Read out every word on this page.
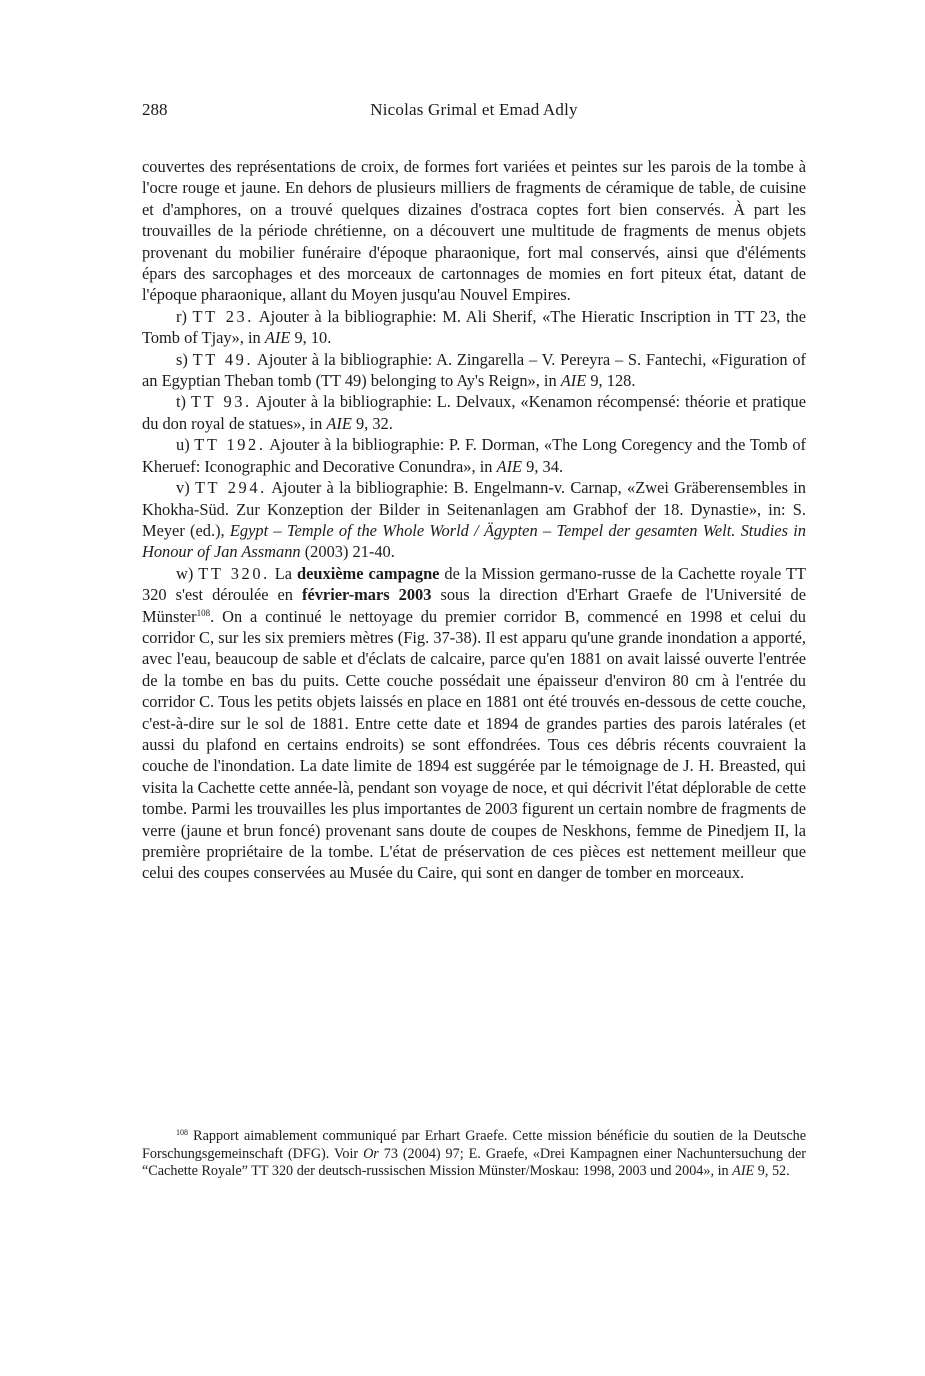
288	Nicolas Grimal et Emad Adly

couvertes des représentations de croix, de formes fort variées et peintes sur les parois de la tombe à l'ocre rouge et jaune. En dehors de plusieurs milliers de fragments de céramique de table, de cuisine et d'amphores, on a trouvé quelques dizaines d'ostraca coptes fort bien conservés. À part les trouvailles de la période chrétienne, on a découvert une multitude de fragments de menus objets provenant du mobilier funéraire d'époque pharaonique, fort mal conservés, ainsi que d'éléments épars des sarcophages et des morceaux de cartonnages de momies en fort piteux état, datant de l'époque pharaonique, allant du Moyen jusqu'au Nouvel Empires.

r) TT 23. Ajouter à la bibliographie: M. Ali Sherif, «The Hieratic Inscription in TT 23, the Tomb of Tjay», in AIE 9, 10.

s) TT 49. Ajouter à la bibliographie: A. Zingarella – V. Pereyra – S. Fantechi, «Figuration of an Egyptian Theban tomb (TT 49) belonging to Ay's Reign», in AIE 9, 128.

t) TT 93. Ajouter à la bibliographie: L. Delvaux, «Kenamon récompensé: théorie et pratique du don royal de statues», in AIE 9, 32.

u) TT 192. Ajouter à la bibliographie: P. F. Dorman, «The Long Coregency and the Tomb of Kheruef: Iconographic and Decorative Conundra», in AIE 9, 34.

v) TT 294. Ajouter à la bibliographie: B. Engelmann-v. Carnap, «Zwei Gräberensembles in Khokha-Süd. Zur Konzeption der Bilder in Seitenanlagen am Grabhof der 18. Dynastie», in: S. Meyer (ed.), Egypt – Temple of the Whole World / Ägypten – Tempel der gesamten Welt. Studies in Honour of Jan Assmann (2003) 21-40.

w) TT 320. La deuxième campagne de la Mission germano-russe de la Cachette royale TT 320 s'est déroulée en février-mars 2003 sous la direction d'Erhart Graefe de l'Université de Münster$^{108}$. On a continué le nettoyage du premier corridor B, commencé en 1998 et celui du corridor C, sur les six premiers mètres (Fig. 37-38). Il est apparu qu'une grande inondation a apporté, avec l'eau, beaucoup de sable et d'éclats de calcaire, parce qu'en 1881 on avait laissé ouverte l'entrée de la tombe en bas du puits. Cette couche possédait une épaisseur d'environ 80 cm à l'entrée du corridor C. Tous les petits objets laissés en place en 1881 ont été trouvés en-dessous de cette couche, c'est-à-dire sur le sol de 1881. Entre cette date et 1894 de grandes parties des parois latérales (et aussi du plafond en certains endroits) se sont effondrées. Tous ces débris récents couvraient la couche de l'inondation. La date limite de 1894 est suggérée par le témoignage de J. H. Breasted, qui visita la Cachette cette année-là, pendant son voyage de noce, et qui décrivit l'état déplorable de cette tombe. Parmi les trouvailles les plus importantes de 2003 figurent un certain nombre de fragments de verre (jaune et brun foncé) provenant sans doute de coupes de Neskhons, femme de Pinedjem II, la première propriétaire de la tombe. L'état de préservation de ces pièces est nettement meilleur que celui des coupes conservées au Musée du Caire, qui sont en danger de tomber en morceaux.

$^{108}$ Rapport aimablement communiqué par Erhart Graefe. Cette mission bénéficie du soutien de la Deutsche Forschungsgemeinschaft (DFG). Voir Or 73 (2004) 97; E. Graefe, «Drei Kampagnen einer Nachuntersuchung der “Cachette Royale” TT 320 der deutsch-russischen Mission Münster/Moskau: 1998, 2003 und 2004», in AIE 9, 52.
